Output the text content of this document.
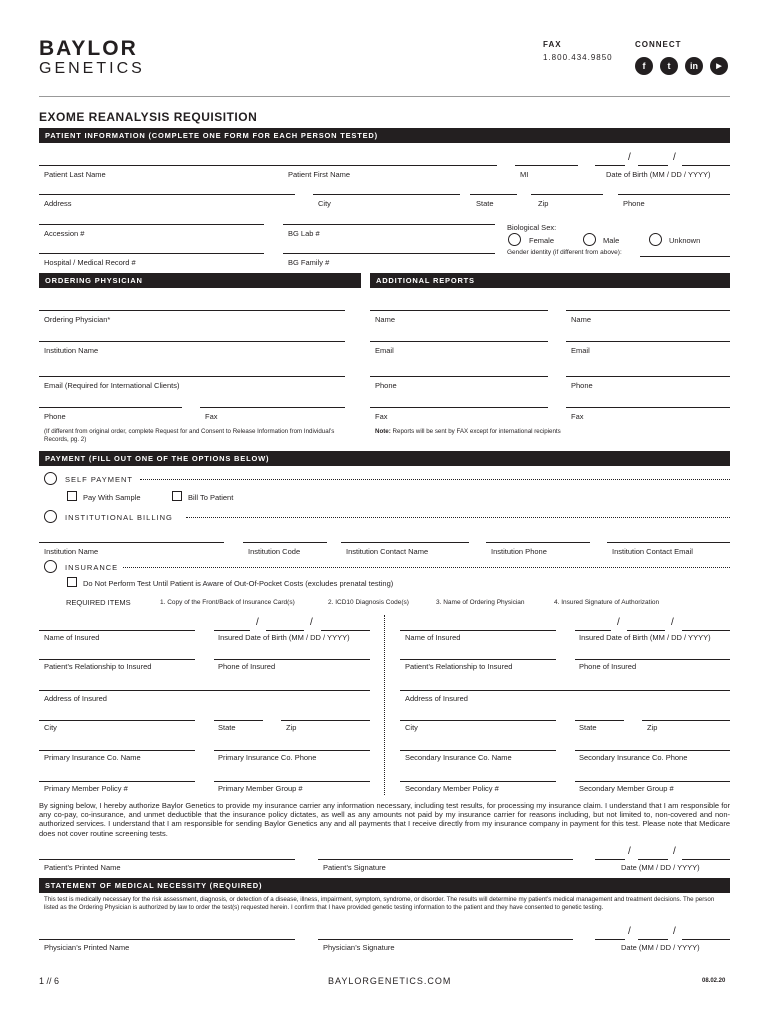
BAYLOR
GENETICS
FAX
1.800.434.9850
CONNECT
f	t	in	▶
EXOME REANALYSIS REQUISITION
PATIENT INFORMATION (COMPLETE ONE FORM FOR EACH PERSON TESTED)
/	/
Patient Last Name	Patient First Name	MI	Date of Birth (MM / DD / YYYY)
Address	City	State	Zip	Phone
Accession #	BG Lab #
Biological Sex:
Female	Male	Unknown
Gender identity (if different from above):
Hospital / Medical Record #	BG Family #
ORDERING PHYSICIAN	ADDITIONAL REPORTS
Ordering Physician*	Name	Name
Institution Name	Email	Email
Email (Required for International Clients)	Phone	Phone
Phone	Fax	Fax	Fax
(If different from original order, complete Request for and Consent to Release Information from Individual’s Records, pg. 2)
Note: Reports will be sent by FAX except for international recipients
PAYMENT (FILL OUT ONE OF THE OPTIONS BELOW)
SELF PAYMENT
Pay With Sample	Bill To Patient
INSTITUTIONAL BILLING
Institution Name	Institution Code	Institution Contact Name	Institution Phone	Institution Contact Email
INSURANCE
Do Not Perform Test Until Patient is Aware of Out-Of-Pocket Costs (excludes prenatal testing)
REQUIRED ITEMS	1. Copy of the Front/Back of Insurance Card(s)	2. ICD10 Diagnosis Code(s)	3. Name of Ordering Physician	4. Insured Signature of Authorization
/	/
Name of Insured	Insured Date of Birth (MM / DD / YYYY)
Patient’s Relationship to Insured	Phone of Insured
Address of Insured
City	State	Zip
Primary Insurance Co. Name	Primary Insurance Co. Phone
Primary Member Policy #	Primary Member Group #
/	/
Name of Insured	Insured Date of Birth (MM / DD / YYYY)
Patient’s Relationship to Insured	Phone of Insured
Address of Insured
City	State	Zip
Secondary Insurance Co. Name	Secondary Insurance Co. Phone
Secondary Member Policy #	Secondary Member Group #
By signing below, I hereby authorize Baylor Genetics to provide my insurance carrier any information necessary, including test results, for processing my insurance claim. I understand that I am responsible for any co-pay, co-insurance, and unmet deductible that the insurance policy dictates, as well as any amounts not paid by my insurance carrier for reasons including, but not limited to, non-covered and non-authorized services. I understand that I am responsible for sending Baylor Genetics any and all payments that I receive directly from my insurance company in payment for this test. Please note that Medicare does not cover routine screening tests.
/	/
Patient’s Printed Name	Patient’s Signature	Date (MM / DD / YYYY)
STATEMENT OF MEDICAL NECESSITY (REQUIRED)
This test is medically necessary for the risk assessment, diagnosis, or detection of a disease, illness, impairment, symptom, syndrome, or disorder. The results will determine my patient’s medical management and treatment decisions. The person listed as the Ordering Physician is authorized by law to order the test(s) requested herein. I confirm that I have provided genetic testing information to the patient and they have consented to genetic testing.
/	/
Physician’s Printed Name	Physician’s Signature	Date (MM / DD / YYYY)
1 // 6	BAYLORGENETICS.COM	08.02.20
